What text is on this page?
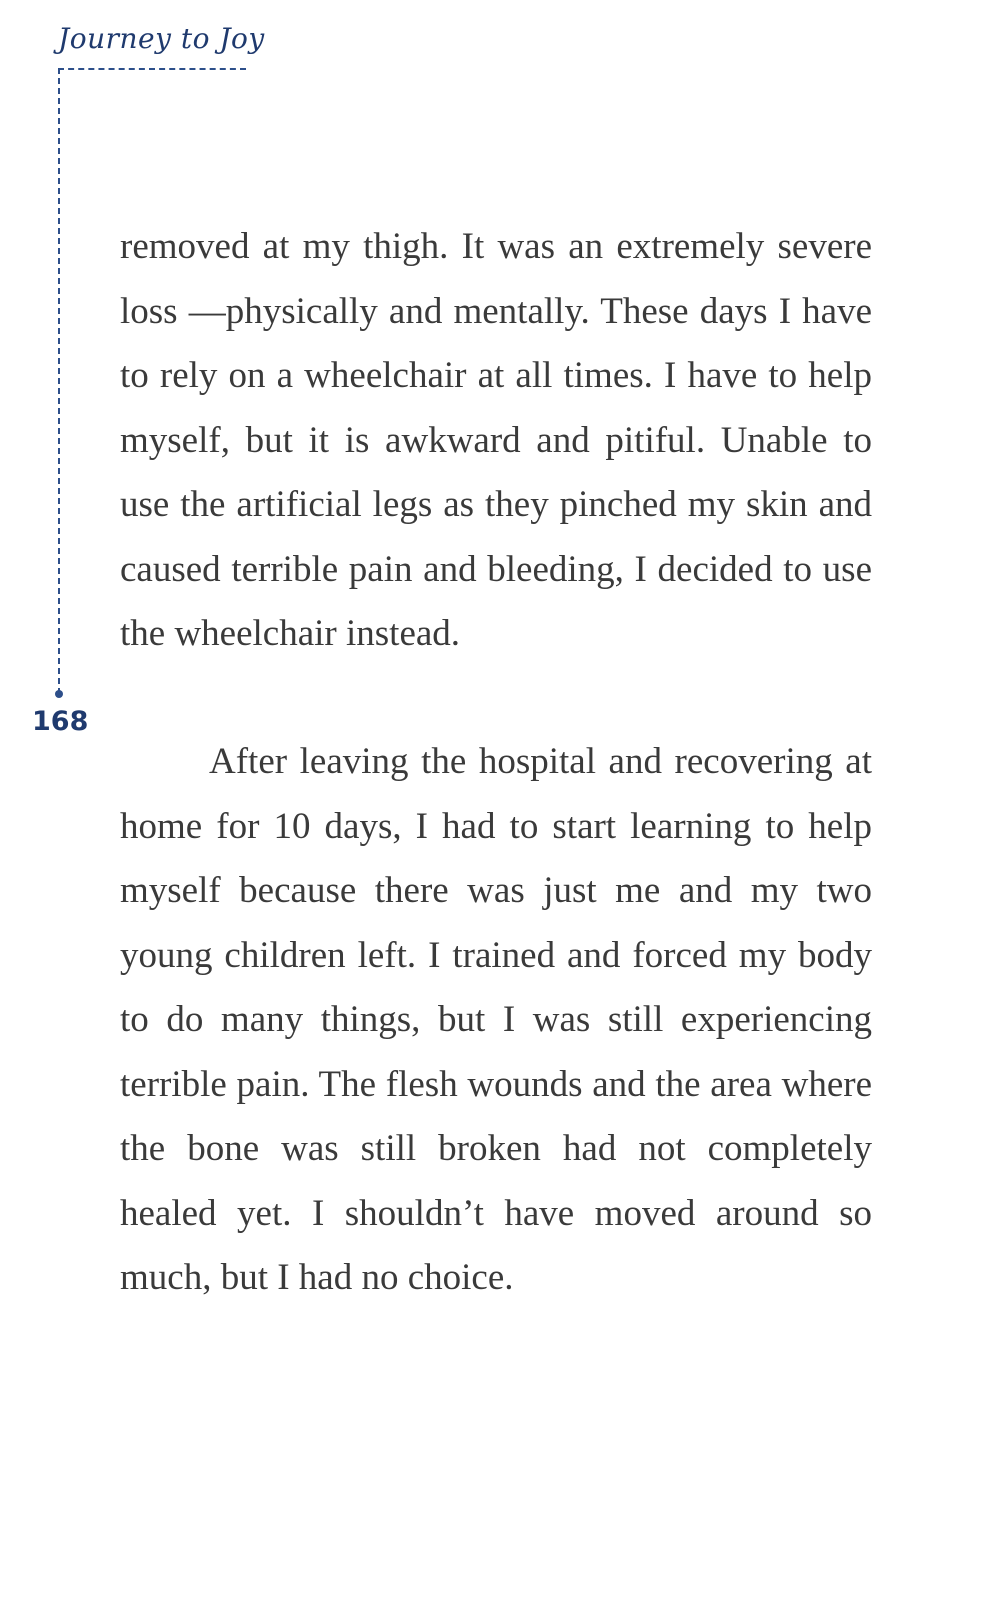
Journey to Joy

168

removed at my thigh. It was an extremely severe loss —physically and mentally. These days I have to rely on a wheelchair at all times. I have to help myself, but it is awkward and pitiful. Unable to use the artificial legs as they pinched my skin and caused terrible pain and bleeding, I decided to use the wheelchair instead.

After leaving the hospital and recovering at home for 10 days, I had to start learning to help myself because there was just me and my two young children left. I trained and forced my body to do many things, but I was still experiencing terrible pain. The flesh wounds and the area where the bone was still broken had not completely healed yet. I shouldn’t have moved around so much, but I had no choice.
